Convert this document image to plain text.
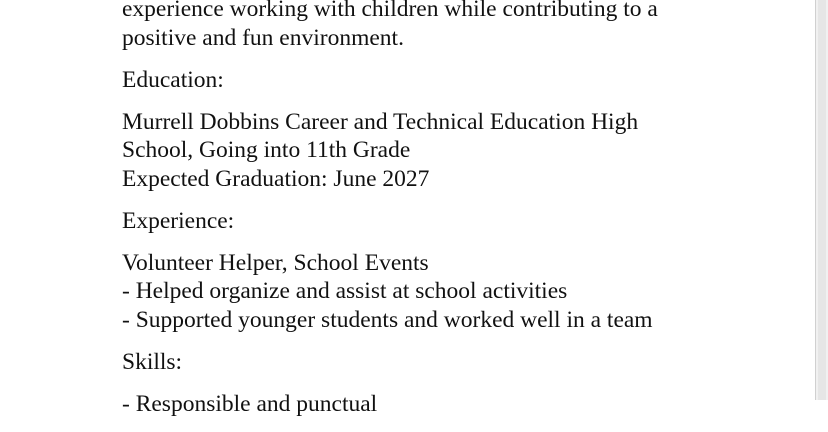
experience working with children while contributing to a
positive and fun environment.

Education:

Murrell Dobbins Career and Technical Education High
School, Going into 11th Grade
Expected Graduation: June 2027

Experience:

Volunteer Helper, School Events
- Helped organize and assist at school activities
- Supported younger students and worked well in a team

Skills:

- Responsible and punctual
